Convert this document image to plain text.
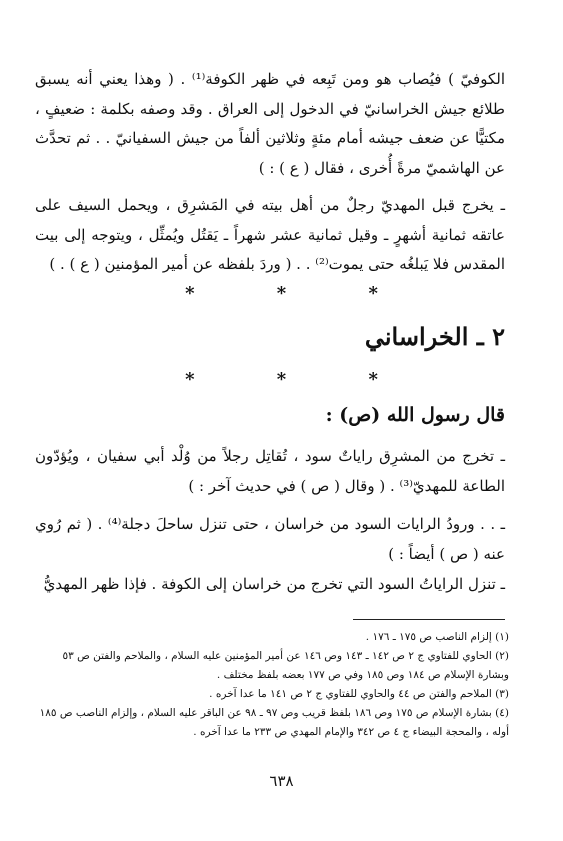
الكوفيّ ) فيُصاب هو ومن تَبِعه في ظهر الكوفة⁽¹⁾ . ( وهذا يعني أنه يسبق طلائع جيش الخراسانيّ في الدخول إلى العراق . وقد وصفه بكلمة : ضعيفٍ ، مكتيًّا عن ضعف جيشه أمام مئةٍ وثلاثين ألفاً من جيش السفيانيّ . . ثم تحدَّث عن الهاشميّ مرةً أُخرى ، فقال ( ع ) : )

ـ يخرج قبل المهديّ رجلٌ من أهل بيته في المَشرِق ، ويحمل السيف على عاتقه ثمانية أشهرٍ ـ وقيل ثمانية عشر شهراً ـ يَقتُل ويُمثِّل ، ويتوجه إلى بيت المقدس فلا يَبلغُه حتى يموت⁽²⁾ . . ( وردَ بلفظه عن أمير المؤمنين ( ع ) . )

* * *
٢ ـ الخراساني
* * *
قال رسول الله (ص) :

ـ تخرج من المشرِق راياتٌ سود ، تُقاتِل رجلاً من وُلْد أبي سفيان ، ويُؤدّون الطاعة للمهديّ⁽³⁾ . ( وقال ( ص ) في حديث آخر : )

ـ . . ورودُ الرايات السود من خراسان ، حتى تنزل ساحلَ دجلة⁽⁴⁾ . ( ثم رُوي عنه ( ص ) أيضاً : )

ـ تنزل الراياتُ السود التي تخرج من خراسان إلى الكوفة . فإذا ظهر المهديُّ

(١) إلزام الناصب ص ١٧٥ ـ ١٧٦ .
(٢) الحاوي للفتاوي ج ٢ ص ١٤٢ ـ ١٤٣ وص ١٤٦ عن أمير المؤمنين عليه السلام ، والملاحم والفتن ص ٥٣ وبشارة الإسلام ص ١٨٤ وص ١٨٥ وفي ص ١٧٧ بعضه بلفظ مختلف .
(٣) الملاحم والفتن ص ٤٤ والحاوي للفتاوي ج ٢ ص ١٤١ ما عدا آخره .
(٤) بشارة الإسلام ص ١٧٥ وص ١٨٦ بلفظ قريب وص ٩٧ ـ ٩٨ عن الباقر عليه السلام ، وإلزام الناصب ص ١٨٥ أوله ، والمحجة البيضاء ج ٤ ص ٣٤٢ والإمام المهدي ص ٢٣٣ ما عدا آخره .
٦٣٨
